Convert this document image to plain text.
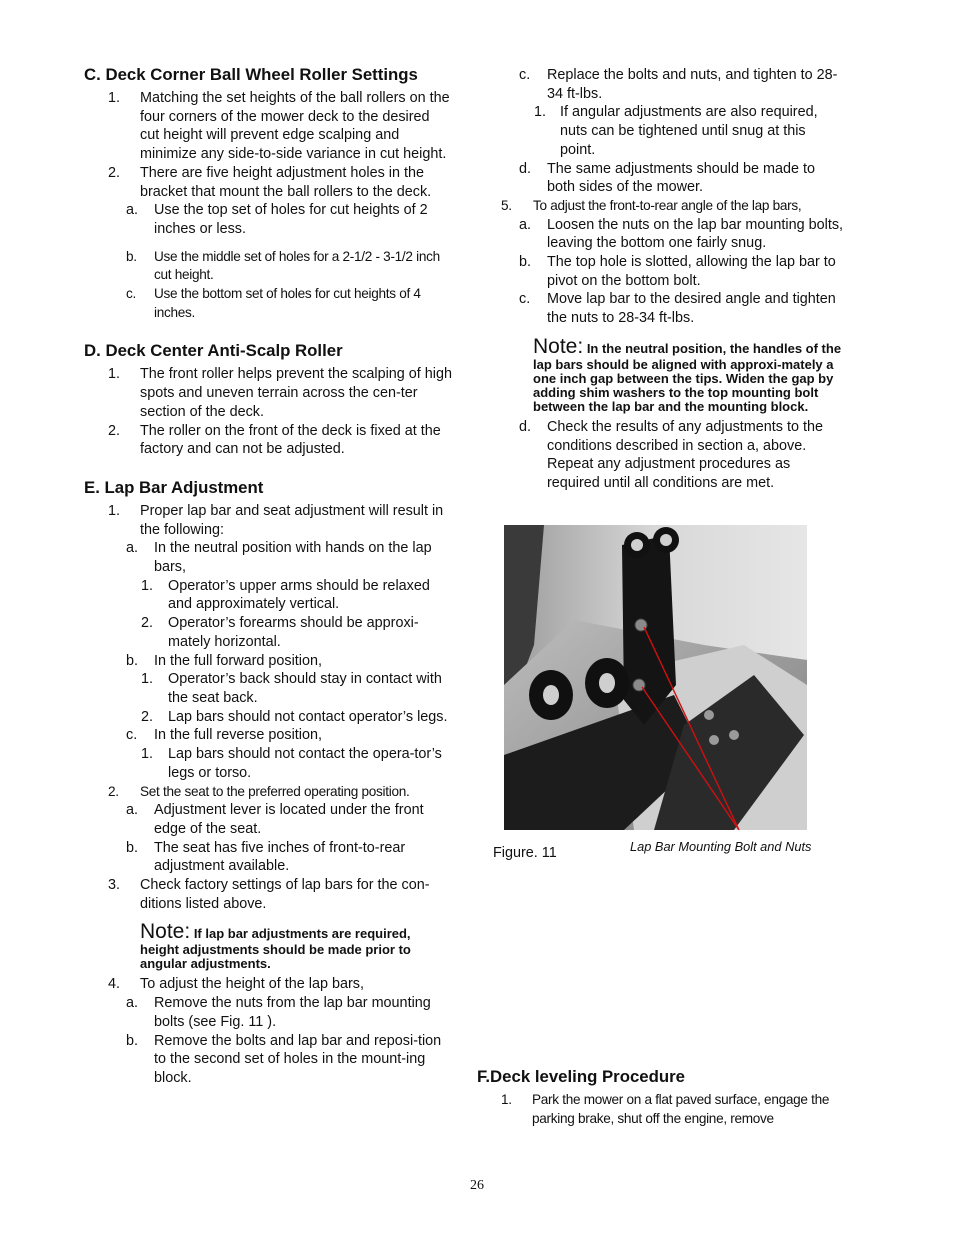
C. Deck Corner Ball Wheel Roller Settings
1. Matching the set heights of the ball rollers on the four corners of the mower deck to the desired cut height will prevent edge scalping and minimize any side-to-side variance in cut height.
2. There are five height adjustment holes in the bracket that mount the ball rollers to the deck.
a. Use the top set of holes for cut heights of 2 inches or less.
b. Use the middle set of holes for a 2-1/2 - 3-1/2 inch cut height.
c. Use the bottom set of holes for cut heights of 4 inches.
D. Deck Center Anti-Scalp Roller
1. The front roller helps prevent the scalping of high spots and uneven terrain across the cen-ter section of the deck.
2. The roller on the front of the deck is fixed at the factory and can not be adjusted.
E. Lap Bar Adjustment
1. Proper lap bar and seat adjustment will result in the following:
a. In the neutral position with hands on the lap bars,
1. Operator’s upper arms should be relaxed and approximately vertical.
2. Operator’s forearms should be approxi-mately horizontal.
b. In the full forward position,
1. Operator’s back should stay in contact with the seat back.
2. Lap bars should not contact operator’s legs.
c. In the full reverse position,
1. Lap bars should not contact the opera-tor’s legs or torso.
2. Set the seat to the preferred operating position.
a. Adjustment lever is located under the front edge of the seat.
b. The seat has five inches of front-to-rear adjustment available.
3. Check factory settings of lap bars for the con-ditions listed above.
Note: If lap bar adjustments are required, height adjustments should be made prior to angular adjustments.
4. To adjust the height of the lap bars,
a. Remove the nuts from the lap bar mounting bolts (see Fig. 11 ).
b. Remove the bolts and lap bar and reposi-tion to the second set of holes in the mount-ing block.
c. Replace the bolts and nuts, and tighten to 28-34 ft-lbs.
1. If angular adjustments are also required, nuts can be tightened until snug at this point.
d. The same adjustments should be made to both sides of the mower.
5. To adjust the front-to-rear angle of the lap bars,
a. Loosen the nuts on the lap bar mounting bolts, leaving the bottom one fairly snug.
b. The top hole is slotted, allowing the lap bar to pivot on the bottom bolt.
c. Move lap bar to the desired angle and tighten the nuts to 28-34 ft-lbs.
Note: In the neutral position, the handles of the lap bars should be aligned with approxi-mately a one inch gap between the tips. Widen the gap by adding shim washers to the top mounting bolt between the lap bar and the mounting block.
d. Check the results of any adjustments to the conditions described in section a, above. Repeat any adjustment procedures as required until all conditions are met.
Figure. 11	Lap Bar Mounting Bolt and Nuts
F.Deck leveling Procedure
1. Park the mower on a flat paved surface, engage the parking brake, shut off the engine, remove
26
